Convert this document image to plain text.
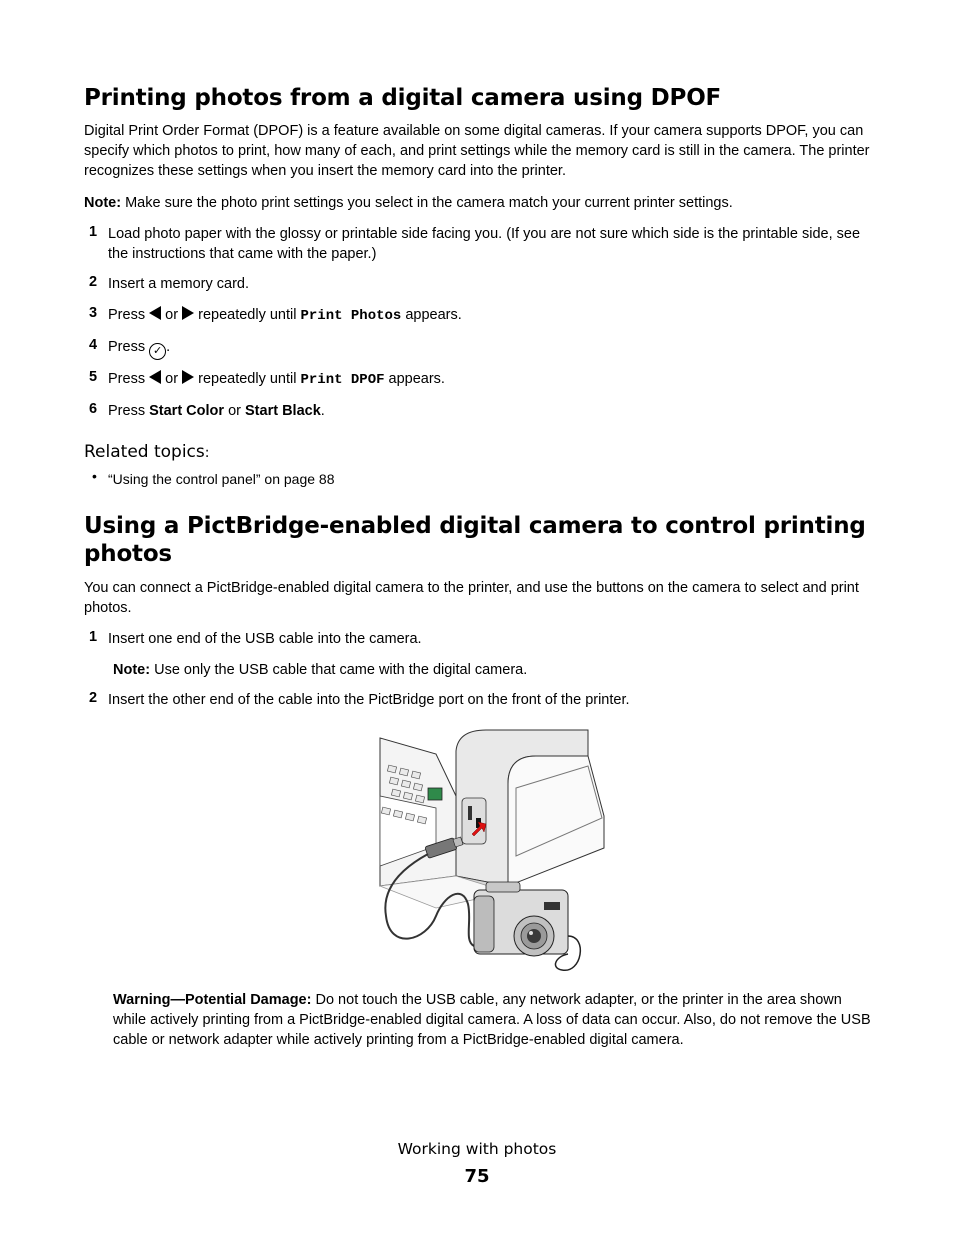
Printing photos from a digital camera using DPOF

Digital Print Order Format (DPOF) is a feature available on some digital cameras. If your camera supports DPOF, you can specify which photos to print, how many of each, and print settings while the memory card is still in the camera. The printer recognizes these settings when you insert the memory card into the printer.

Note: Make sure the photo print settings you select in the camera match your current printer settings.

1 Load photo paper with the glossy or printable side facing you. (If you are not sure which side is the printable side, see the instructions that came with the paper.)
2 Insert a memory card.
3 Press or repeatedly until Print Photos appears.
4 Press ✓ .
5 Press or repeatedly until Print DPOF appears.
6 Press Start Color or Start Black.
Related topics:
• “Using the control panel” on page 88
Using a PictBridge-enabled digital camera to control printing
photos

You can connect a PictBridge-enabled digital camera to the printer, and use the buttons on the camera to select and print photos.

1 Insert one end of the USB cable into the camera.

Note: Use only the USB cable that came with the digital camera.

2 Insert the other end of the cable into the PictBridge port on the front of the printer.

Warning—Potential Damage: Do not touch the USB cable, any network adapter, or the printer in the area shown while actively printing from a PictBridge-enabled digital camera. A loss of data can occur. Also, do not remove the USB cable or network adapter while actively printing from a PictBridge-enabled digital camera.

Working with photos
75
